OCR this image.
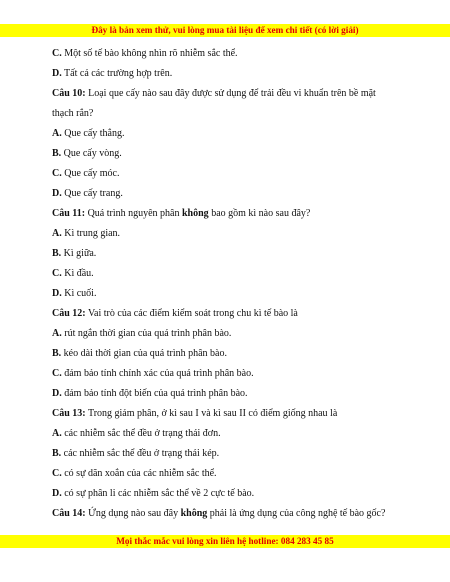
Đây là bản xem thử, vui lòng mua tài liệu để xem chi tiết (có lời giải)
C. Một số tế bào không nhìn rõ nhiễm sắc thể.
D. Tất cả các trường hợp trên.
Câu 10: Loại que cấy nào sau đây được sử dụng để trải đều vi khuẩn trên bề mặt
thạch rắn?
A. Que cấy thẳng.
B. Que cấy vòng.
C. Que cấy móc.
D. Que cấy trang.
Câu 11: Quá trình nguyên phân không bao gồm kì nào sau đây?
A. Kì trung gian.
B. Kì giữa.
C. Kì đầu.
D. Kì cuối.
Câu 12: Vai trò của các điểm kiểm soát trong chu kì tế bào là
A. rút ngắn thời gian của quá trình phân bào.
B. kéo dài thời gian của quá trình phân bào.
C. đảm bảo tính chính xác của quá trình phân bào.
D. đảm bảo tính đột biến của quá trình phân bào.
Câu 13: Trong giảm phân, ở kì sau I và kì sau II có điểm giống nhau là
A. các nhiễm sắc thể đều ở trạng thái đơn.
B. các nhiễm sắc thể đều ở trạng thái kép.
C. có sự dãn xoắn của các nhiễm sắc thể.
D. có sự phân li các nhiễm sắc thể về 2 cực tế bào.
Câu 14: Ứng dụng nào sau đây không phải là ứng dụng của công nghệ tế bào gốc?
Mọi thắc mắc vui lòng xin liên hệ hotline: 084 283 45 85
